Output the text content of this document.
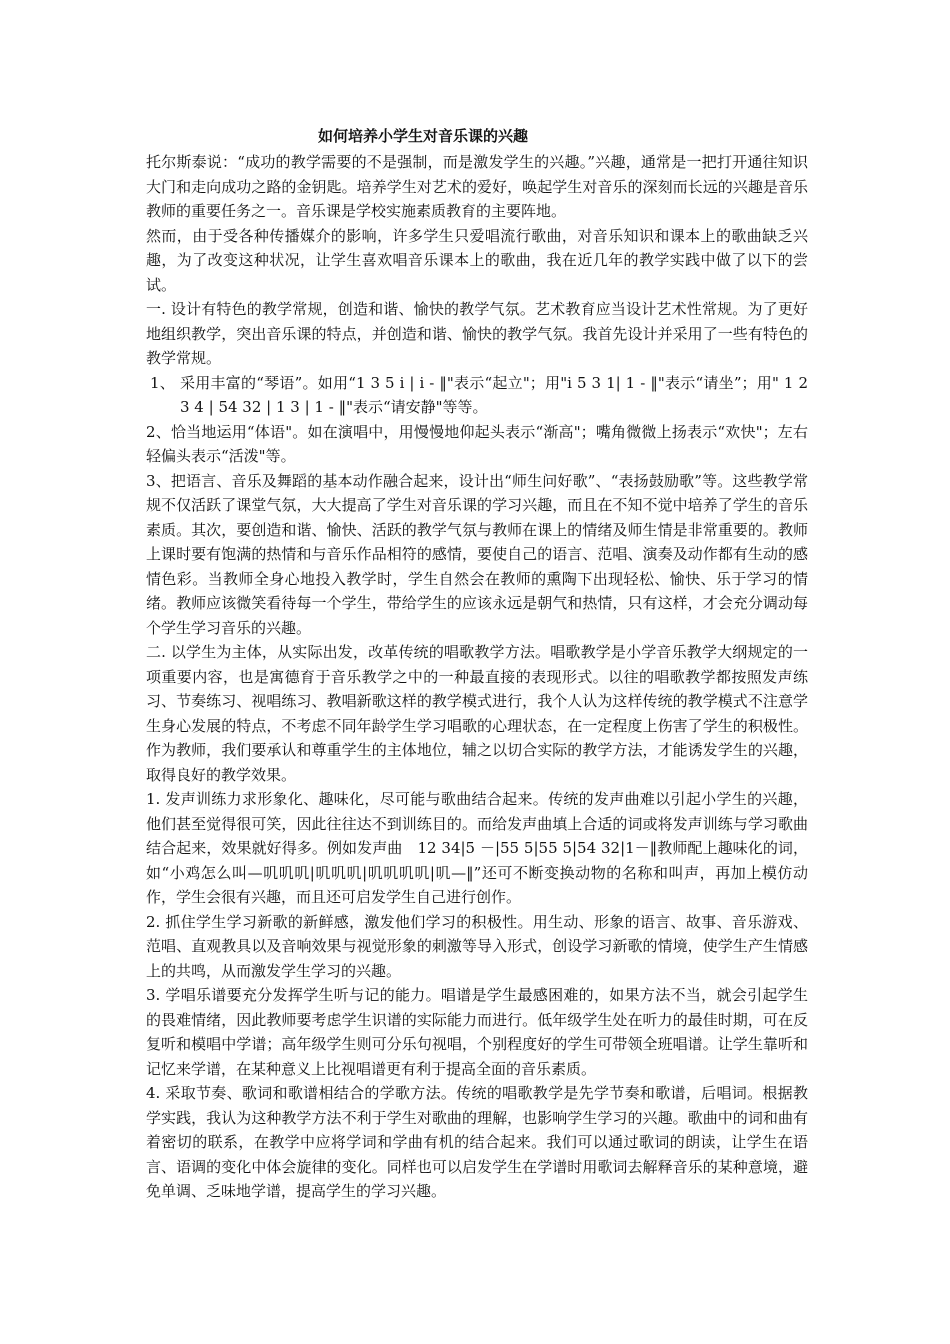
如何培养小学生对音乐课的兴趣

托尔斯泰说：“成功的教学需要的不是强制，而是激发学生的兴趣。”兴趣，通常是一把打开通往知识大门和走向成功之路的金钥匙。培养学生对艺术的爱好，唤起学生对音乐的深刻而长远的兴趣是音乐教师的重要任务之一。音乐课是学校实施素质教育的主要阵地。

然而，由于受各种传播媒介的影响，许多学生只爱唱流行歌曲，对音乐知识和课本上的歌曲缺乏兴趣，为了改变这种状况，让学生喜欢唱音乐课本上的歌曲，我在近几年的教学实践中做了以下的尝试。

一. 设计有特色的教学常规，创造和谐、愉快的教学气氛。艺术教育应当设计艺术性常规。为了更好地组织教学，突出音乐课的特点，并创造和谐、愉快的教学气氛。我首先设计并采用了一些有特色的教学常规。

1、 采用丰富的“琴语”。如用“1 3 5 i | i - ‖"表示“起立"；用"i 5 3 1| 1 - ‖"表示“请坐”；用" 1 2 3 4 | 54 32 | 1 3 | 1 - ‖"表示“请安静"等等。

2、恰当地运用“体语"。如在演唱中，用慢慢地仰起头表示“渐高"；嘴角微微上扬表示“欢快"；左右轻偏头表示“活泼"等。

3、把语言、音乐及舞蹈的基本动作融合起来，设计出“师生问好歌”、“表扬鼓励歌”等。这些教学常规不仅活跃了课堂气氛，大大提高了学生对音乐课的学习兴趣，而且在不知不觉中培养了学生的音乐素质。其次，要创造和谐、愉快、活跃的教学气氛与教师在课上的情绪及师生情是非常重要的。教师上课时要有饱满的热情和与音乐作品相符的感情，要使自己的语言、范唱、演奏及动作都有生动的感情色彩。当教师全身心地投入教学时，学生自然会在教师的熏陶下出现轻松、愉快、乐于学习的情绪。教师应该微笑看待每一个学生，带给学生的应该永远是朝气和热情，只有这样，才会充分调动每个学生学习音乐的兴趣。

二. 以学生为主体，从实际出发，改革传统的唱歌教学方法。唱歌教学是小学音乐教学大纲规定的一项重要内容，也是寓德育于音乐教学之中的一种最直接的表现形式。以往的唱歌教学都按照发声练习、节奏练习、视唱练习、教唱新歌这样的教学模式进行，我个人认为这样传统的教学模式不注意学生身心发展的特点，不考虑不同年龄学生学习唱歌的心理状态，在一定程度上伤害了学生的积极性。作为教师，我们要承认和尊重学生的主体地位，辅之以切合实际的教学方法，才能诱发学生的兴趣，取得良好的教学效果。

1. 发声训练力求形象化、趣味化，尽可能与歌曲结合起来。传统的发声曲难以引起小学生的兴趣，他们甚至觉得很可笑，因此往往达不到训练目的。而给发声曲填上合适的词或将发声训练与学习歌曲结合起来，效果就好得多。例如发声曲　12 34|5 －|55 5|55 5|54 32|1－‖教师配上趣味化的词，如“小鸡怎么叫—叽叽叽|叽叽叽|叽叽叽叽|叽—‖”还可不断变换动物的名称和叫声，再加上模仿动作，学生会很有兴趣，而且还可启发学生自己进行创作。

2. 抓住学生学习新歌的新鲜感，激发他们学习的积极性。用生动、形象的语言、故事、音乐游戏、范唱、直观教具以及音响效果与视觉形象的刺激等导入形式，创设学习新歌的情境，使学生产生情感上的共鸣，从而激发学生学习的兴趣。

3. 学唱乐谱要充分发挥学生听与记的能力。唱谱是学生最感困难的，如果方法不当，就会引起学生的畏难情绪，因此教师要考虑学生识谱的实际能力而进行。低年级学生处在听力的最佳时期，可在反复听和模唱中学谱；高年级学生则可分乐句视唱，个别程度好的学生可带领全班唱谱。让学生靠听和记忆来学谱，在某种意义上比视唱谱更有利于提高全面的音乐素质。

4. 采取节奏、歌词和歌谱相结合的学歌方法。传统的唱歌教学是先学节奏和歌谱，后唱词。根据教学实践，我认为这种教学方法不利于学生对歌曲的理解，也影响学生学习的兴趣。歌曲中的词和曲有着密切的联系，在教学中应将学词和学曲有机的结合起来。我们可以通过歌词的朗读，让学生在语言、语调的变化中体会旋律的变化。同样也可以启发学生在学谱时用歌词去解释音乐的某种意境，避免单调、乏味地学谱，提高学生的学习兴趣。
